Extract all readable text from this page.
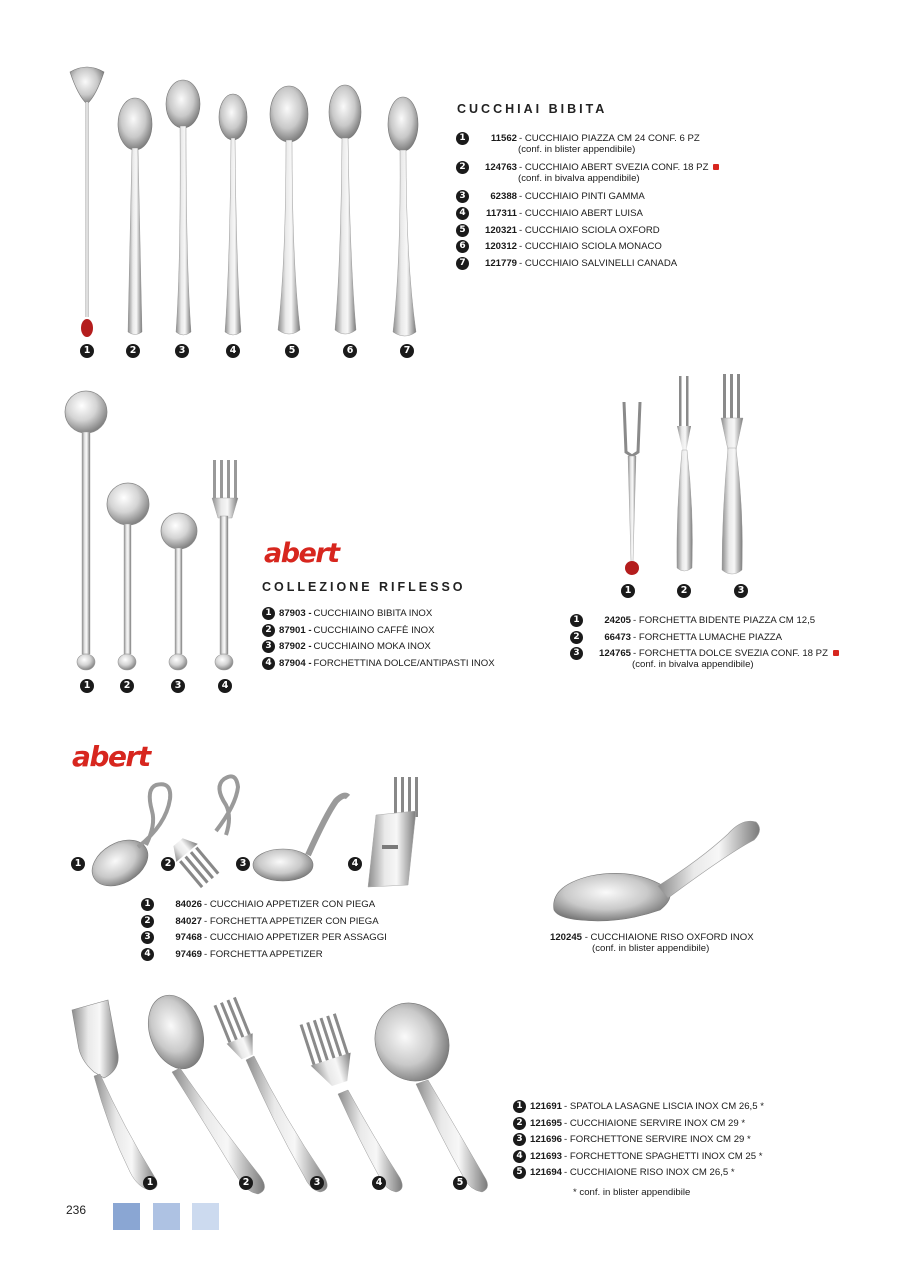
1	2	3	4	5	6	7
CUCCHIAI BIBITA
1	11562 - CUCCHIAIO PIAZZA CM 24 CONF. 6 PZ
(conf. in blister appendibile)
2	124763 - CUCCHIAIO ABERT SVEZIA CONF. 18 PZ
(conf. in bivalva appendibile)
3	62388 - CUCCHIAIO PINTI GAMMA
4	117311 - CUCCHIAIO ABERT LUISA
5	120321 - CUCCHIAIO SCIOLA OXFORD
6	120312 - CUCCHIAIO SCIOLA MONACO
7	121779 - CUCCHIAIO SALVINELLI CANADA
1	2	3	4
abert
COLLEZIONE RIFLESSO
1 87903 - CUCCHIAINO BIBITA INOX
2 87901 - CUCCHIAINO CAFFÈ INOX
3 87902 - CUCCHIAINO MOKA INOX
4 87904 - FORCHETTINA DOLCE/ANTIPASTI INOX
1	2	3
1	24205 - FORCHETTA BIDENTE PIAZZA CM 12,5
2	66473 - FORCHETTA LUMACHE PIAZZA
3	124765 - FORCHETTA DOLCE SVEZIA CONF. 18 PZ
(conf. in bivalva appendibile)
abert
1	2	3	4
1	84026 - CUCCHIAIO APPETIZER CON PIEGA
2	84027 - FORCHETTA APPETIZER CON PIEGA
3	97468 - CUCCHIAIO APPETIZER PER ASSAGGI
4	97469 - FORCHETTA APPETIZER
120245 - CUCCHIAIONE RISO OXFORD INOX
(conf. in blister appendibile)
1	2	3	4	5
1 121691 - SPATOLA LASAGNE LISCIA INOX CM 26,5 *
2 121695 - CUCCHIAIONE SERVIRE INOX CM 29 *
3 121696 - FORCHETTONE SERVIRE INOX CM 29 *
4 121693 - FORCHETTONE SPAGHETTI INOX CM 25 *
5 121694 - CUCCHIAIONE RISO INOX CM 26,5 *
* conf. in blister appendibile
236
